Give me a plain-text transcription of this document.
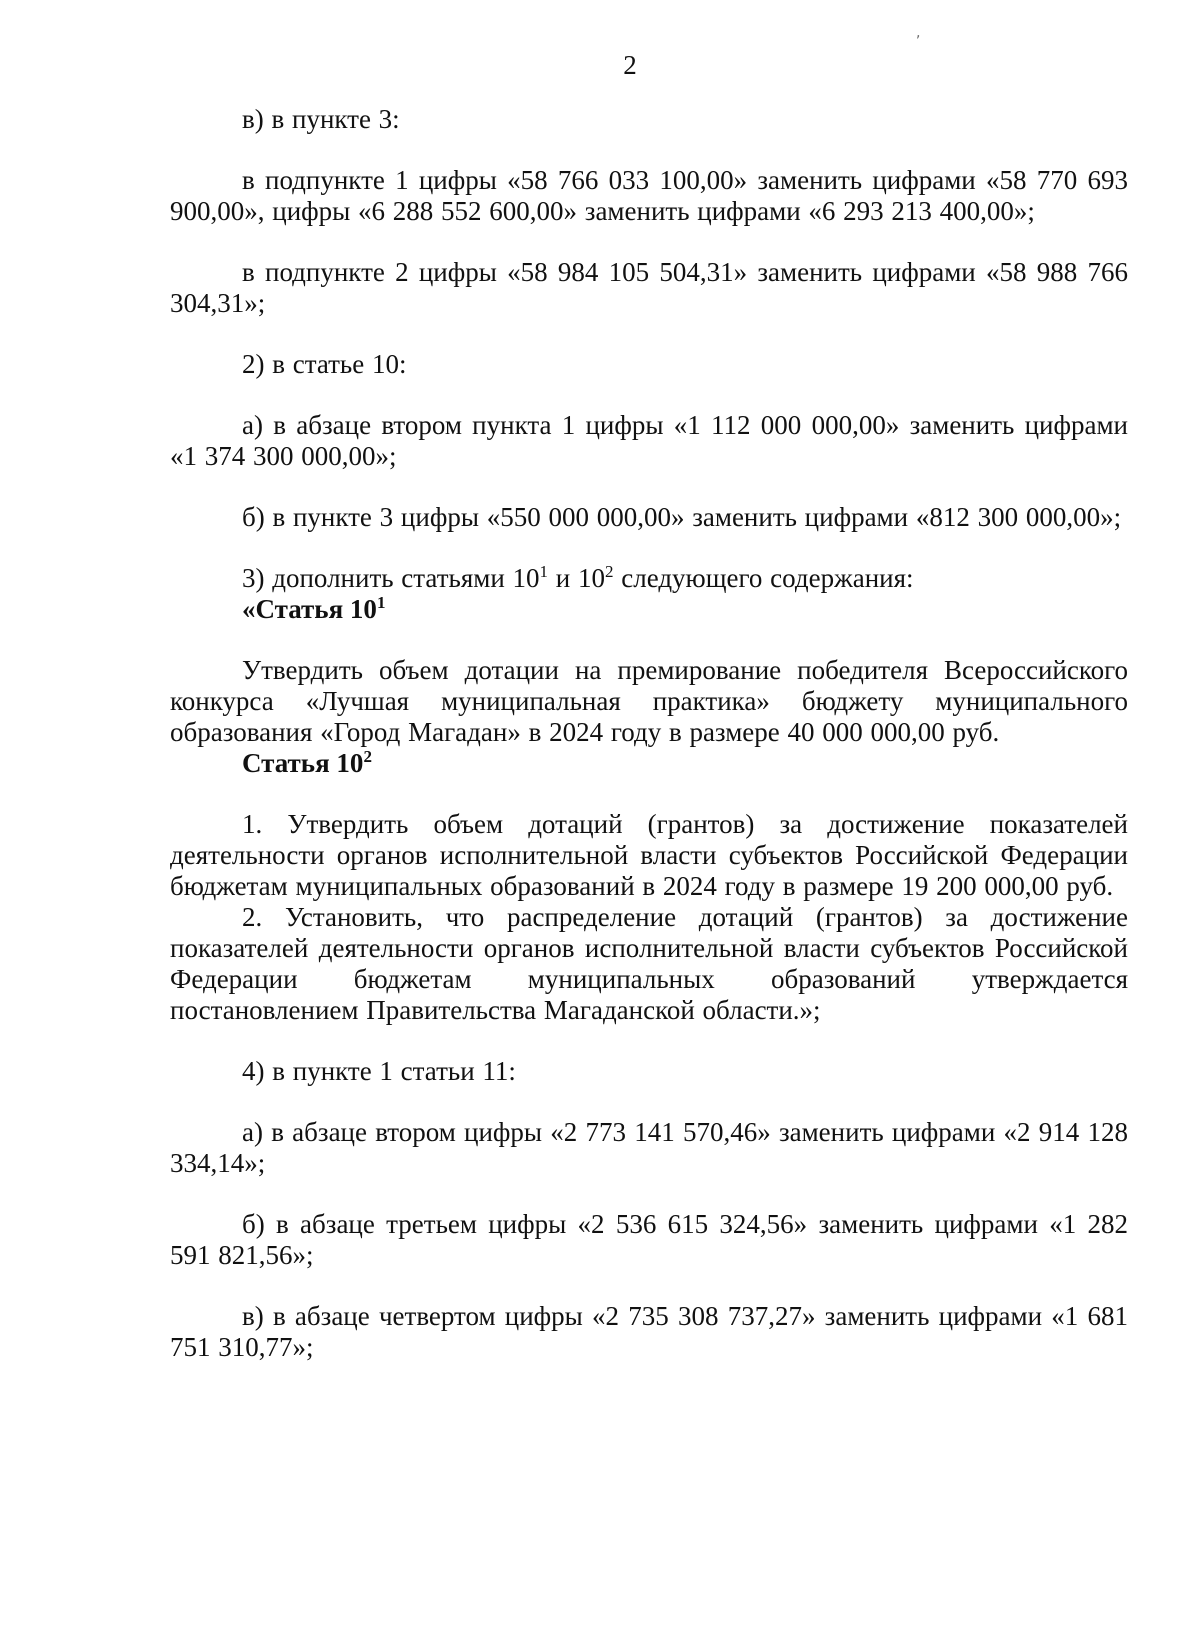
,
2

в) в пункте 3:

в подпункте 1 цифры «58 766 033 100,00» заменить цифрами «58 770 693 900,00», цифры «6 288 552 600,00» заменить цифрами «6 293 213 400,00»;

в подпункте 2 цифры «58 984 105 504,31» заменить цифрами «58 988 766 304,31»;

2) в статье 10:

а) в абзаце втором пункта 1 цифры «1 112 000 000,00» заменить цифрами «1 374 300 000,00»;

б) в пункте 3 цифры «550 000 000,00» заменить цифрами «812 300 000,00»;

3) дополнить статьями $10^1$ и $10^2$ следующего содержания:

«Статья $10^1$

Утвердить объем дотации на премирование победителя Всероссийского конкурса «Лучшая муниципальная практика» бюджету муниципального образования «Город Магадан» в 2024 году в размере 40 000 000,00 руб.

Статья $10^2$

1. Утвердить объем дотаций (грантов) за достижение показателей деятельности органов исполнительной власти субъектов Российской Федерации бюджетам муниципальных образований в 2024 году в размере 19 200 000,00 руб.

2. Установить, что распределение дотаций (грантов) за достижение показателей деятельности органов исполнительной власти субъектов Российской Федерации бюджетам муниципальных образований утверждается постановлением Правительства Магаданской области.»;

4) в пункте 1 статьи 11:

а) в абзаце втором цифры «2 773 141 570,46» заменить цифрами «2 914 128 334,14»;

б) в абзаце третьем цифры «2 536 615 324,56» заменить цифрами «1 282 591 821,56»;

в) в абзаце четвертом цифры «2 735 308 737,27» заменить цифрами «1 681 751 310,77»;
